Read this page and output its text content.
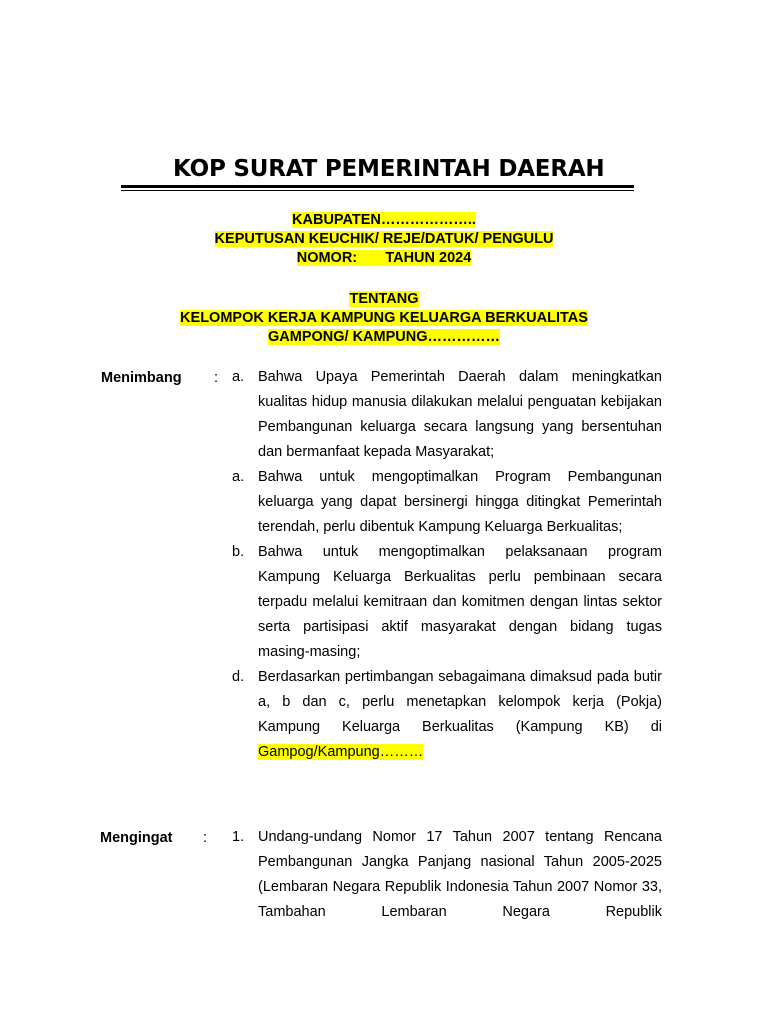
KOP SURAT PEMERINTAH DAERAH
KABUPATEN………………..
KEPUTUSAN KEUCHIK/ REJE/DATUK/ PENGULU
NOMOR:       TAHUN 2024
TENTANG
KELOMPOK KERJA KAMPUNG KELUARGA BERKUALITAS
GAMPONG/ KAMPUNG……………
Menimbang : a. Bahwa Upaya Pemerintah Daerah dalam meningkatkan kualitas hidup manusia dilakukan melalui penguatan kebijakan Pembangunan keluarga secara langsung yang bersentuhan dan bermanfaat kepada Masyarakat;
a. Bahwa untuk mengoptimalkan Program Pembangunan keluarga yang dapat bersinergi hingga ditingkat Pemerintah terendah, perlu dibentuk Kampung Keluarga Berkualitas;
b. Bahwa untuk mengoptimalkan pelaksanaan program Kampung Keluarga Berkualitas perlu pembinaan secara terpadu melalui kemitraan dan komitmen dengan lintas sektor serta partisipasi aktif masyarakat dengan bidang tugas masing-masing;
d. Berdasarkan pertimbangan sebagaimana dimaksud pada butir a, b dan c, perlu menetapkan kelompok kerja (Pokja) Kampung Keluarga Berkualitas (Kampung KB) di
Gampog/Kampung………
Mengingat : 1. Undang-undang Nomor 17 Tahun 2007 tentang Rencana Pembangunan Jangka Panjang nasional Tahun 2005-2025 (Lembaran Negara Republik Indonesia Tahun 2007 Nomor 33, Tambahan Lembaran Negara Republik
